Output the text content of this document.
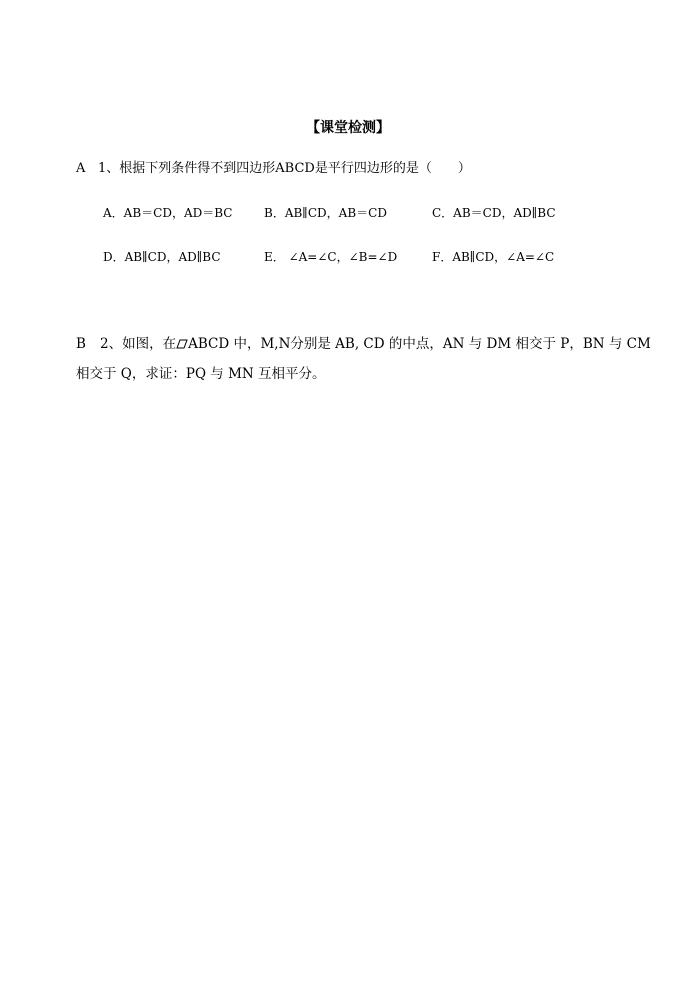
【课堂检测】
A 1、根据下列条件得不到四边形ABCD是平行四边形的是（　　）
A．AB＝CD，AD＝BC	B．AB∥CD，AB＝CD	C．AB＝CD，AD∥BC
D．AB∥CD，AD∥BC	E． ∠A=∠C，∠B=∠D	F．AB∥CD，∠A=∠C
B 2、如图，在 ABCD 中，M,N分别是 AB, CD 的中点，AN 与 DM 相交于 P，BN 与 CM
相交于 Q，求证：PQ 与 MN 互相平分。
